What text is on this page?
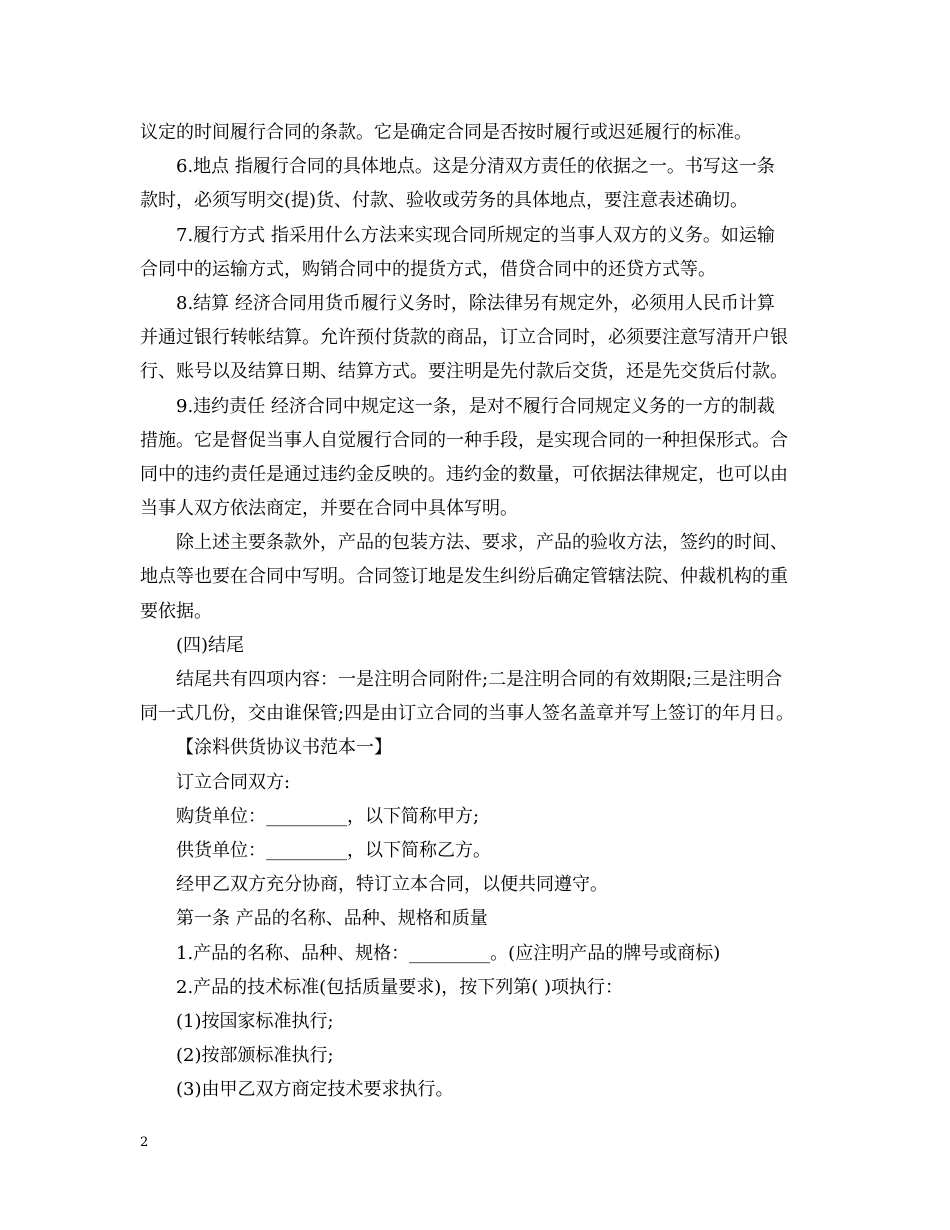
议定的时间履行合同的条款。它是确定合同是否按时履行或迟延履行的标准。
6.地点 指履行合同的具体地点。这是分清双方责任的依据之一。书写这一条
款时，必须写明交(提)货、付款、验收或劳务的具体地点，要注意表述确切。
7.履行方式 指采用什么方法来实现合同所规定的当事人双方的义务。如运输
合同中的运输方式，购销合同中的提货方式，借贷合同中的还贷方式等。
8.结算 经济合同用货币履行义务时，除法律另有规定外，必须用人民币计算
并通过银行转帐结算。允许预付货款的商品，订立合同时，必须要注意写清开户银
行、账号以及结算日期、结算方式。要注明是先付款后交货，还是先交货后付款。
9.违约责任 经济合同中规定这一条，是对不履行合同规定义务的一方的制裁
措施。它是督促当事人自觉履行合同的一种手段，是实现合同的一种担保形式。合
同中的违约责任是通过违约金反映的。违约金的数量，可依据法律规定，也可以由
当事人双方依法商定，并要在合同中具体写明。
除上述主要条款外，产品的包装方法、要求，产品的验收方法，签约的时间、
地点等也要在合同中写明。合同签订地是发生纠纷后确定管辖法院、仲裁机构的重
要依据。
(四)结尾
结尾共有四项内容：一是注明合同附件;二是注明合同的有效期限;三是注明合
同一式几份，交由谁保管;四是由订立合同的当事人签名盖章并写上签订的年月日。
【涂料供货协议书范本一】
订立合同双方:
购货单位：_________，以下简称甲方;
供货单位：_________，以下简称乙方。
经甲乙双方充分协商，特订立本合同，以便共同遵守。
第一条 产品的名称、品种、规格和质量
1.产品的名称、品种、规格：_________。(应注明产品的牌号或商标)
2.产品的技术标准(包括质量要求)，按下列第( )项执行：
(1)按国家标准执行;
(2)按部颁标准执行;
(3)由甲乙双方商定技术要求执行。
2
